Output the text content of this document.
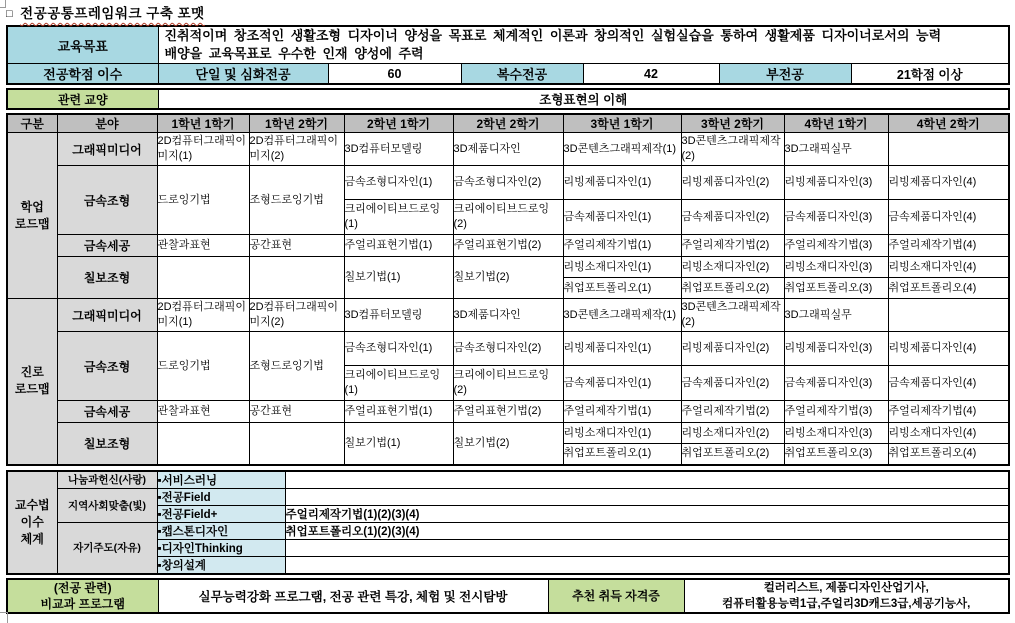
□ 전공공통프레임워크 구축 포맷
교육목표	진취적이며 창조적인 생활조형 디자이너 양성을 목표로 체계적인 이론과 창의적인 실험실습을 통하여 생활제품 디자이너로서의 능력
배양을 교육목표로 우수한 인재 양성에 주력					

전공학점 이수	단일 및 심화전공	60	복수전공	42	부전공	21학점 이상
관련 교양	조형표현의 이해
구분	분야	1학년 1학기	1학년 2학기	2학년 1학기	2학년 2학기	3학년 1학기	3학년 2학기	4학년 1학기	4학년 2학기
학업 로드맵	그래픽미디어	2D컴퓨터그래픽이미지(1)	2D컴퓨터그래픽이미지(2)	3D컴퓨터모델링	3D제품디자인	3D콘텐츠그래픽제작(1)	3D콘텐츠그래픽제작(2)	3D그래픽실무	
	금속조형	드로잉기법	조형드로잉기법	금속조형디자인(1)	금속조형디자인(2)	리빙제품디자인(1)	리빙제품디자인(2)	리빙제품디자인(3)	리빙제품디자인(4)
				크리에이티브드로잉(1)	크리에이티브드로잉(2)	금속제품디자인(1)	금속제품디자인(2)	금속제품디자인(3)	금속제품디자인(4)
	금속세공	관찰과표현	공간표현	주얼리표현기법(1)	주얼리표현기법(2)	주얼리제작기법(1)	주얼리제작기법(2)	주얼리제작기법(3)	주얼리제작기법(4)
	칠보조형			칠보기법(1)	칠보기법(2)	리빙소재디자인(1)	리빙소재디자인(2)	리빙소재디자인(3)	리빙소재디자인(4)
						취업포트폴리오(1)	취업포트폴리오(2)	취업포트폴리오(3)	취업포트폴리오(4)
진로 로드맵	그래픽미디어	2D컴퓨터그래픽이미지(1)	2D컴퓨터그래픽이미지(2)	3D컴퓨터모델링	3D제품디자인	3D콘텐츠그래픽제작(1)	3D콘텐츠그래픽제작(2)	3D그래픽실무	
	금속조형	드로잉기법	조형드로잉기법	금속조형디자인(1)	금속조형디자인(2)	리빙제품디자인(1)	리빙제품디자인(2)	리빙제품디자인(3)	리빙제품디자인(4)
				크리에이티브드로잉(1)	크리에이티브드로잉(2)	금속제품디자인(1)	금속제품디자인(2)	금속제품디자인(3)	금속제품디자인(4)
	금속세공	관찰과표현	공간표현	주얼리표현기법(1)	주얼리표현기법(2)	주얼리제작기법(1)	주얼리제작기법(2)	주얼리제작기법(3)	주얼리제작기법(4)
	칠보조형			칠보기법(1)	칠보기법(2)	리빙소재디자인(1)	리빙소재디자인(2)	리빙소재디자인(3)	리빙소재디자인(4)
						취업포트폴리오(1)	취업포트폴리오(2)	취업포트폴리오(3)	취업포트폴리오(4)
교수법 이수 체계	나눔과헌신(사랑)	▪서비스러닝	
	지역사회맞춤(빛)	▪전공Field	
		▪전공Field+	주얼리제작기법(1)(2)(3)(4)
	자기주도(자유)	▪캡스톤디자인	취업포트폴리오(1)(2)(3)(4)
		▪디자인Thinking	
		▪창의설계	
(전공 관련)
비교과 프로그램	실무능력강화 프로그램, 전공 관련 특강, 체험 및 전시탐방	추천 취득 자격증	
컬러리스트, 제품디자인산업기사,
컴퓨터활용능력1급,주얼리3D캐드3급,세공기능사,
